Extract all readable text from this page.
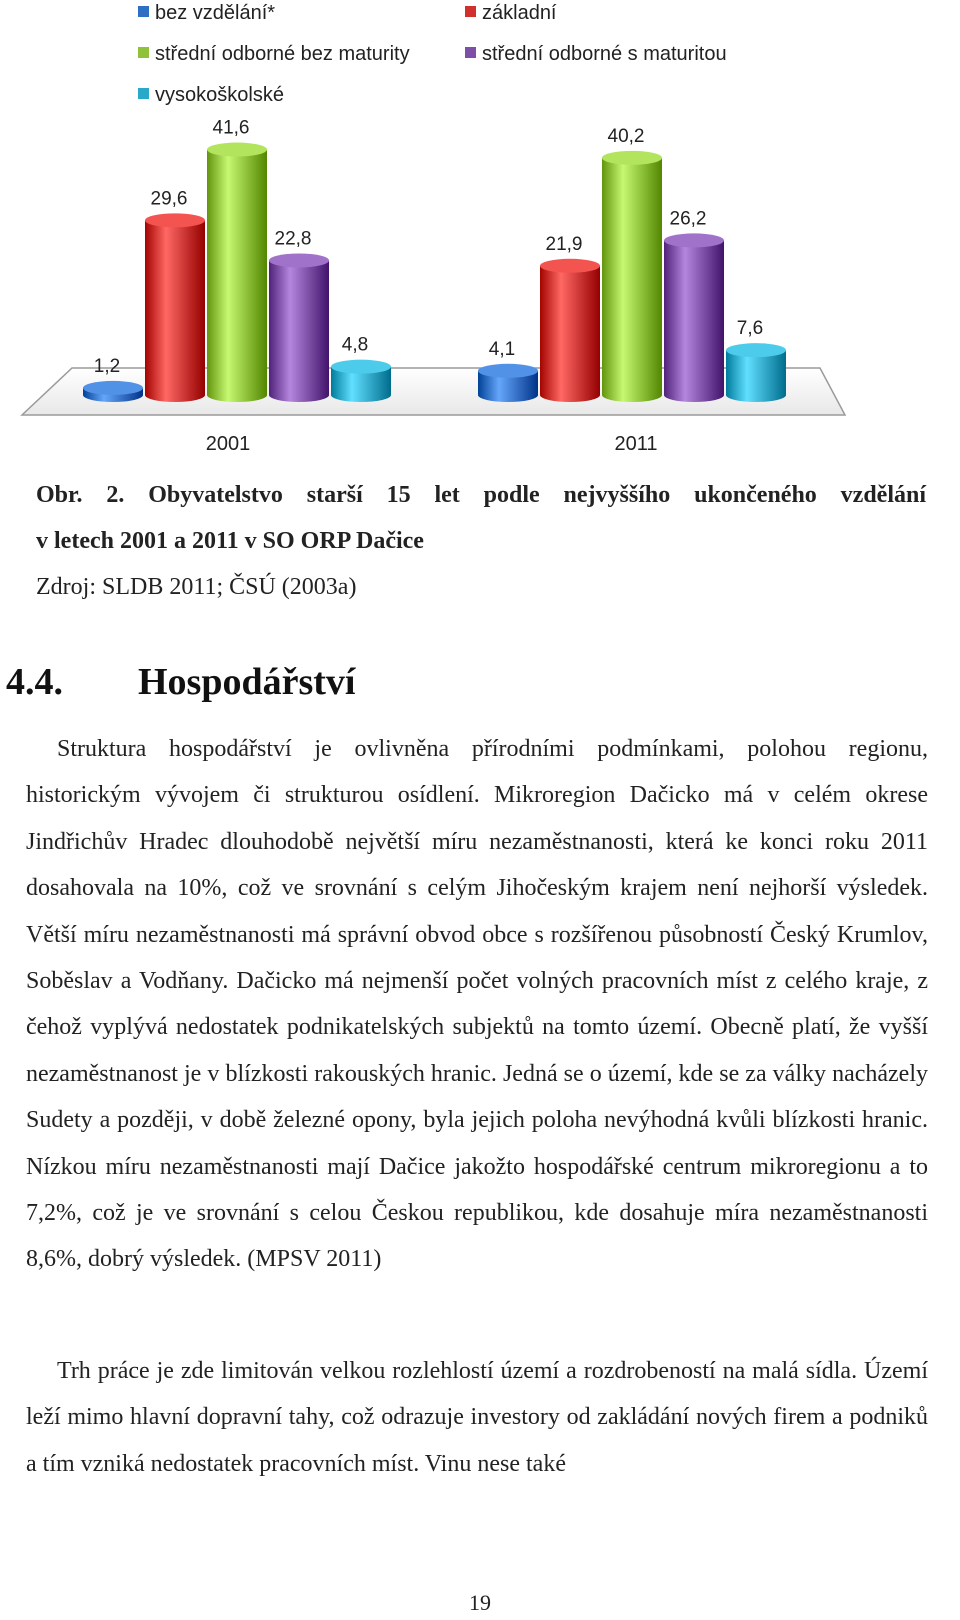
bez vzdělání*	základní
střední odborné bez maturity	střední odborné s maturitou
vysokoškolské
1,2
29,6
41,6
22,8
4,8	4,1
21,9
40,2
26,2
7,6
2001	2011
Obr. 2. Obyvatelstvo starší 15 let podle nejvyššího ukončeného vzdělání
v letech 2001 a 2011 v SO ORP Dačice
Zdroj: SLDB 2011; ČSÚ (2003a)
4.4. Hospodářství

Struktura hospodářství je ovlivněna přírodními podmínkami, polohou regionu, historickým vývojem či strukturou osídlení. Mikroregion Dačicko má v celém okrese Jindřichův Hradec dlouhodobě největší míru nezaměstnanosti, která ke konci roku 2011 dosahovala na 10%, což ve srovnání s celým Jihočeským krajem není nejhorší výsledek. Větší míru nezaměstnanosti má správní obvod obce s rozšířenou působností Český Krumlov, Soběslav a Vodňany. Dačicko má nejmenší počet volných pracovních míst z celého kraje, z čehož vyplývá nedostatek podnikatelských subjektů na tomto území. Obecně platí, že vyšší nezaměstnanost je v blízkosti rakouských hranic. Jedná se o území, kde se za války nacházely Sudety a později, v době železné opony, byla jejich poloha nevýhodná kvůli blízkosti hranic. Nízkou míru nezaměstnanosti mají Dačice jakožto hospodářské centrum mikroregionu a to 7,2%, což je ve srovnání s celou Českou republikou, kde dosahuje míra nezaměstnanosti 8,6%, dobrý výsledek. (MPSV 2011)

Trh práce je zde limitován velkou rozlehlostí území a rozdrobeností na malá sídla. Území leží mimo hlavní dopravní tahy, což odrazuje investory od zakládání nových firem a podniků a tím vzniká nedostatek pracovních míst. Vinu nese také

19
